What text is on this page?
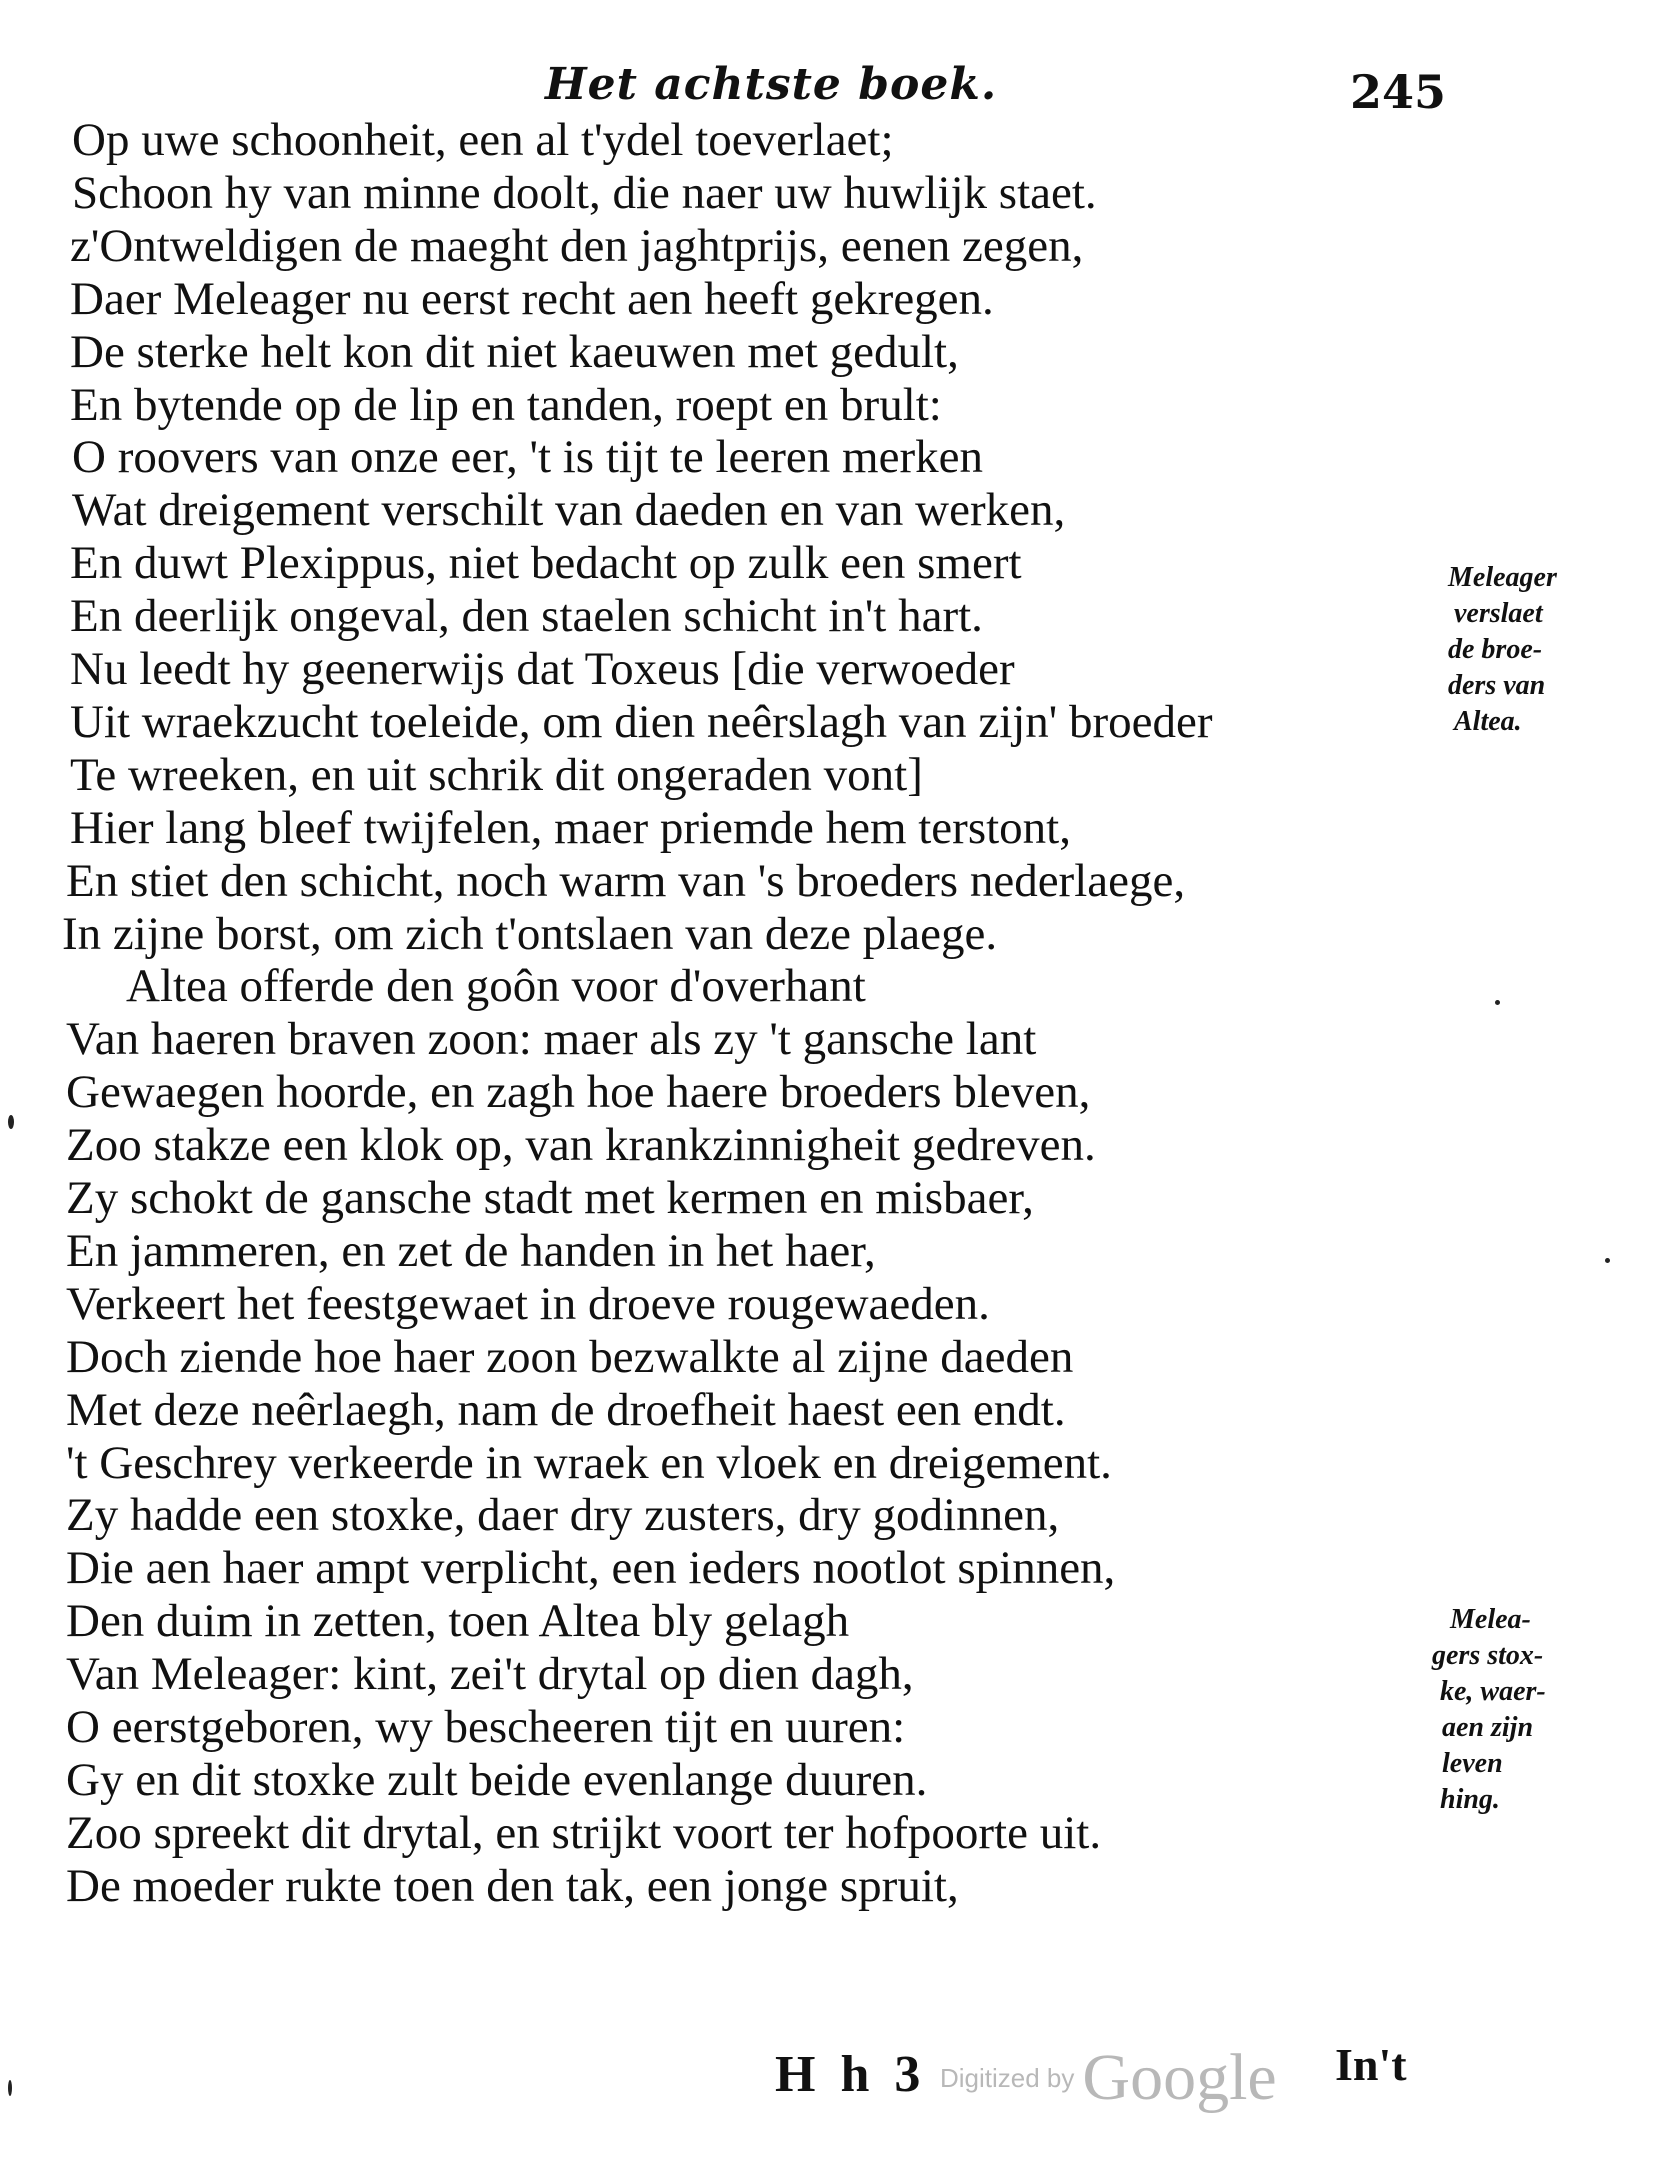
Het achtste boek.	245
Op uwe schoonheit, een al t'ydel toeverlaet;
Schoon hy van minne doolt, die naer uw huwlijk staet.
z'Ontweldigen de maeght den jaghtprijs, eenen zegen,
Daer Meleager nu eerst recht aen heeft gekregen.
De sterke helt kon dit niet kaeuwen met gedult,
En bytende op de lip en tanden, roept en brult:
O roovers van onze eer, 't is tijt te leeren merken
Wat dreigement verschilt van daeden en van werken,
En duwt Plexippus, niet bedacht op zulk een smert
En deerlijk ongeval, den staelen schicht in't hart.
Nu leedt hy geenerwijs dat Toxeus [die verwoeder
Uit wraekzucht toeleide, om dien neêrslagh van zijn' broeder
Te wreeken, en uit schrik dit ongeraden vont]
Hier lang bleef twijfelen, maer priemde hem terstont,
En stiet den schicht, noch warm van 's broeders nederlaege,
In zijne borst, om zich t'ontslaen van deze plaege.
Altea offerde den goôn voor d'overhant
Van haeren braven zoon: maer als zy 't gansche lant
Gewaegen hoorde, en zagh hoe haere broeders bleven,
Zoo stakze een klok op, van krankzinnigheit gedreven.
Zy schokt de gansche stadt met kermen en misbaer,
En jammeren, en zet de handen in het haer,
Verkeert het feestgewaet in droeve rougewaeden.
Doch ziende hoe haer zoon bezwalkte al zijne daeden
Met deze neêrlaegh, nam de droefheit haest een endt.
't Geschrey verkeerde in wraek en vloek en dreigement.
Zy hadde een stoxke, daer dry zusters, dry godinnen,
Die aen haer ampt verplicht, een ieders nootlot spinnen,
Den duim in zetten, toen Altea bly gelagh
Van Meleager: kint, zei't drytal op dien dagh,
O eerstgeboren, wy bescheeren tijt en uuren:
Gy en dit stoxke zult beide evenlange duuren.
Zoo spreekt dit drytal, en strijkt voort ter hofpoorte uit.
De moeder rukte toen den tak, een jonge spruit,
Meleager
verslaet
de broe-
ders van
Altea.
Melea-
gers stox-
ke, waer-
aen zijn
leven
hing.
H h 3 Digitized by Google In't
